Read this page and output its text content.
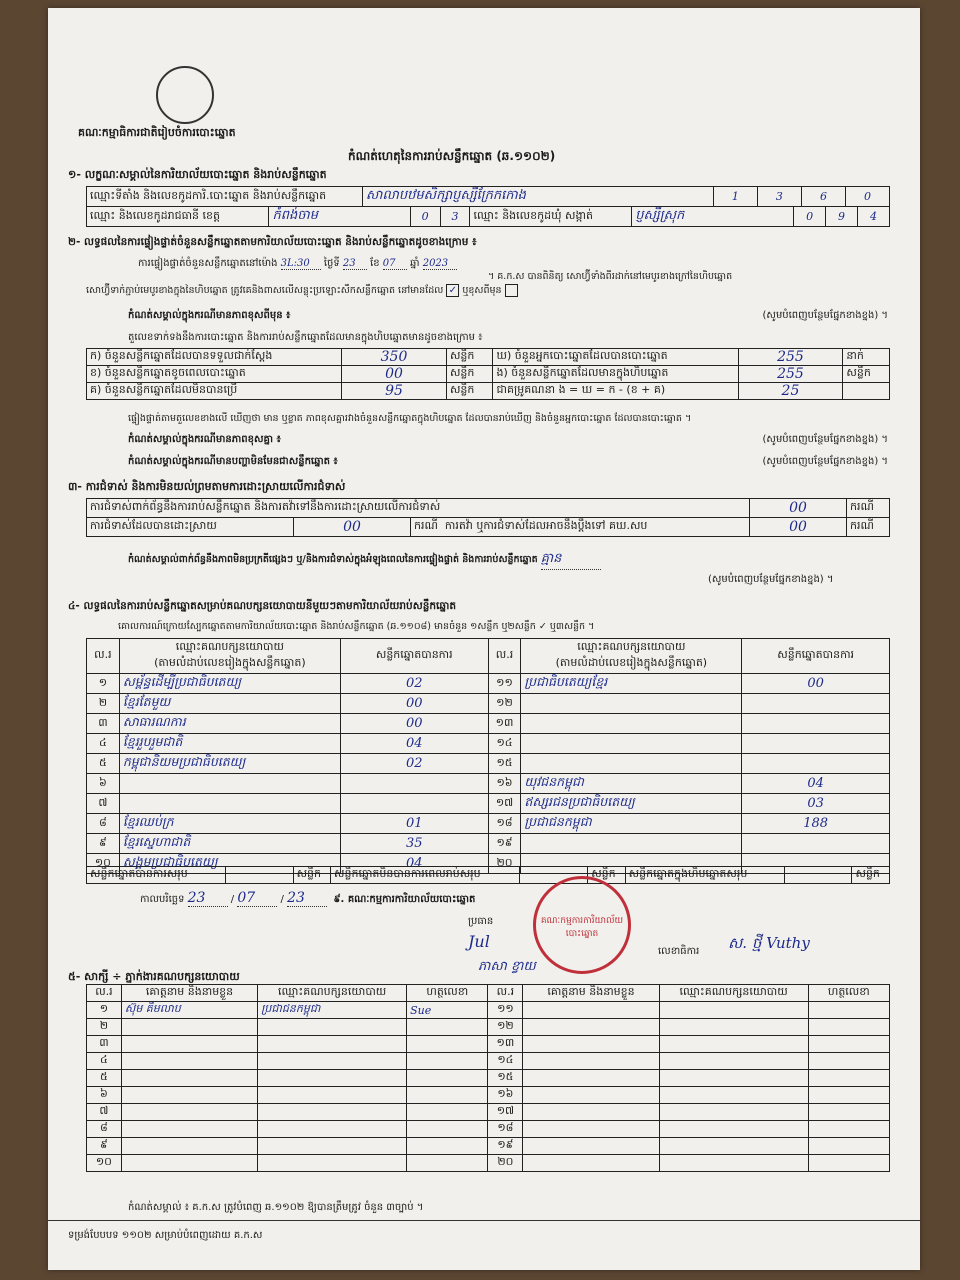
គណៈកម្មាធិការជាតិរៀបចំការបោះឆ្នោត
កំណត់ហេតុនៃការរាប់សន្លឹកឆ្នោត (ឆ.១១០២)
១- លក្ខណៈសម្គាល់នៃការិយាល័យបោះឆ្នោត និងរាប់សន្លឹកឆ្នោត
ឈ្មោះទីតាំង និងលេខកូដការិ.បោះឆ្នោត និងរាប់សន្លឹកឆ្នោត	សាលាបឋមសិក្សាប្ញស្សីក្រែកកោង	1	3	6	0
ឈ្មោះ និងលេខកូដរាជធានី ខេត្ត	កំពង់ចាម	0	3	ឈ្មោះ និងលេខកូដឃុំ សង្កាត់	ប្ញស្សីស្រុក	0	9	4
២- លទ្ធផលនៃការផ្ទៀងផ្ទាត់ចំនួនសន្លឹកឆ្នោតតាមការិយាល័យបោះឆ្នោត និងរាប់សន្លឹកឆ្នោតដូចខាងក្រោម ៖
ការផ្ទៀងផ្ទាត់ចំនួនសន្លឹកឆ្នោតនៅម៉ោង 3L:30 ថ្ងៃទី 23 ខែ 07 ឆ្នាំ 2023
។ គ.ក.ស បានពិនិត្យ សោហ្វ៊ីទាំងពីរដាក់នៅមេបូរខាងក្រៅនៃហិបឆ្នោត
សោហ្វ៊ីទាក់ភ្ជាប់មេបូរខាងក្នុងនៃហិបឆ្នោត ត្រូវគេនិងពាសលើសន្លុះប្រឡោះសឹកសន្លឹកឆ្នោត នៅមានដែល ✓ ឬខុសពីមុន
កំណត់សម្គាល់ក្នុងករណីមានភាពខុសពីមុន ៖	(សូមបំពេញបន្ថែមផ្នែកខាងខ្នង) ។
តួលេខទាក់ទងនឹងការបោះឆ្នោត និងការរាប់សន្លឹកឆ្នោតដែលមានក្នុងហិបឆ្នោតមានដូចខាងក្រោម ៖
ក) ចំនួនសន្លឹកឆ្នោតដែលបានទទួលជាក់ស្តែង	350	សន្លឹក	ឃ) ចំនួនអ្នកបោះឆ្នោតដែលបានបោះឆ្នោត	255	នាក់
ខ) ចំនួនសន្លឹកឆ្នោតខូចពេលបោះឆ្នោត	00	សន្លឹក	ង) ចំនួនសន្លឹកឆ្នោតដែលមានក្នុងហិបឆ្នោត	255	សន្លឹក
គ) ចំនួនសន្លឹកឆ្នោតដែលមិនបានប្រើ	95	សន្លឹក	ជាគម្រូគណនា ង = ឃ = ក - (ខ + គ)	25	
ផ្ទៀងផ្ទាត់តាមតួលេខខាងលើ ឃើញថា មាន ឬខ្លាត ភាពខុសគ្នារវាងចំនួនសន្លឹកឆ្នោតក្នុងហិបឆ្នោត ដែលបានរាប់ឃើញ និងចំនួនអ្នកបោះឆ្នោត ដែលបានបោះឆ្នោត ។
កំណត់សម្គាល់ក្នុងករណីមានភាពខុសគ្នា ៖	(សូមបំពេញបន្ថែមផ្នែកខាងខ្នង) ។
កំណត់សម្គាល់ក្នុងករណីមានបញ្ហាមិនមែនជាសន្លឹកឆ្នោត ៖	(សូមបំពេញបន្ថែមផ្នែកខាងខ្នង) ។
៣- ការជំទាស់ និងការមិនយល់ព្រមតាមការដោះស្រាយលើការជំទាស់
ការជំទាស់ពាក់ព័ន្ធនឹងការរាប់សន្លឹកឆ្នោត និងការតវ៉ាទៅនឹងការដោះស្រាយលើការជំទាស់			00	ករណី
ការជំទាស់ដែលបានដោះស្រាយ	00	ករណី ការតវ៉ា ឬការជំទាស់ដែលអាចនឹងប្តឹងទៅ គឃ.សប	00	ករណី
កំណត់សម្គាល់ពាក់ព័ន្ធនឹងភាពមិនប្រក្រតីផ្សេងៗ ឬ/និងការជំទាស់ក្នុងអំឡុងពេលនៃការផ្ទៀងផ្ទាត់ និងការរាប់សន្លឹកឆ្នោត គ្មាន
(សូមបំពេញបន្ថែមផ្នែកខាងខ្នង) ។
៤- លទ្ធផលនៃការរាប់សន្លឹកឆ្នោតសម្រាប់គណបក្សនយោបាយនីមួយៗតាមការិយាល័យរាប់សន្លឹកឆ្នោត
គោលការណ៍ក្រោយស្បែកឆ្នោតតាមការិយាល័យបោះឆ្នោត និងរាប់សន្លឹកឆ្នោត (ឆ.១១០៨) មានចំនួន ១សន្លឹក ឬ២សន្លឹក ✓ ឬ៣សន្លឹក ។
ល.រ	ឈ្មោះគណបក្សនយោបាយ
(តាមលំដាប់លេខរៀងក្នុងសន្លឹកឆ្នោត)	សន្លឹកឆ្នោតបានការ	ល.រ	ឈ្មោះគណបក្សនយោបាយ
(តាមលំដាប់លេខរៀងក្នុងសន្លឹកឆ្នោត)	សន្លឹកឆ្នោតបានការ
១	សម្ព័ន្ធដើម្បីប្រជាធិបតេយ្យ	02	១១	ប្រជាធិបតេយ្យខ្មែរ	00
២	ខ្មែរតែមួយ	00	១២		
៣	សាធារណការ	00	១៣		
៤	ខ្មែររួបរួមជាតិ	04	១៤		
៥	កម្ពុជានិយមប្រជាធិបតេយ្យ	02	១៥		
៦			១៦	យុវជនកម្ពុជា	04
៧			១៧	ឥស្សរជនប្រជាធិបតេយ្យ	03
៨	ខ្មែរឈប់ក្រ	01	១៨	ប្រជាជនកម្ពុជា	188
៩	ខ្មែរស្នេហាជាតិ	35	១៩		
១០	សង្គមប្រជាធិបតេយ្យ	04	២០		
សន្លឹកឆ្នោតបានការសរុប		សន្លឹក	សន្លឹកឆ្នោតមិនបានការពេលរាប់សរុប		សន្លឹក	សន្លឹកឆ្នោតក្នុងហិបឆ្នោតសរុប		សន្លឹក
កាលបរិច្ឆេទ 23 / 07 / 23	៩. គណៈកម្មការការិយាល័យបោះឆ្នោត
ប្រធាន
Jul
ភាសា ខ្វាយ
គណៈកម្មការការិយាល័យបោះឆ្នោត
លេខាធិការ ស. ថ្មី Vuthy
៥- សាក្សី ÷ ភ្នាក់ងារគណបក្សនយោបាយ
ល.រ	គោត្តនាម និងនាមខ្លួន	ឈ្មោះគណបក្សនយោបាយ	ហត្ថលេខា	ល.រ	គោត្តនាម និងនាមខ្លួន	ឈ្មោះគណបក្សនយោបាយ	ហត្ថលេខា
១	ស៊ុម គឹមលាប	ប្រជាជនកម្ពុជា	Sue	១១			
២				១២			
៣				១៣			
៤				១៤			
៥				១៥			
៦				១៦			
៧				១៧			
៨				១៨			
៩				១៩			
១០				២០			
កំណត់សម្គាល់ ៖ គ.ក.ស ត្រូវបំពេញ ឆ.១១០២ ឱ្យបានត្រឹមត្រូវ ចំនួន ៣ច្បាប់ ។
ទម្រង់បែបបទ ១១០២ សម្រាប់បំពេញដោយ គ.ក.ស
